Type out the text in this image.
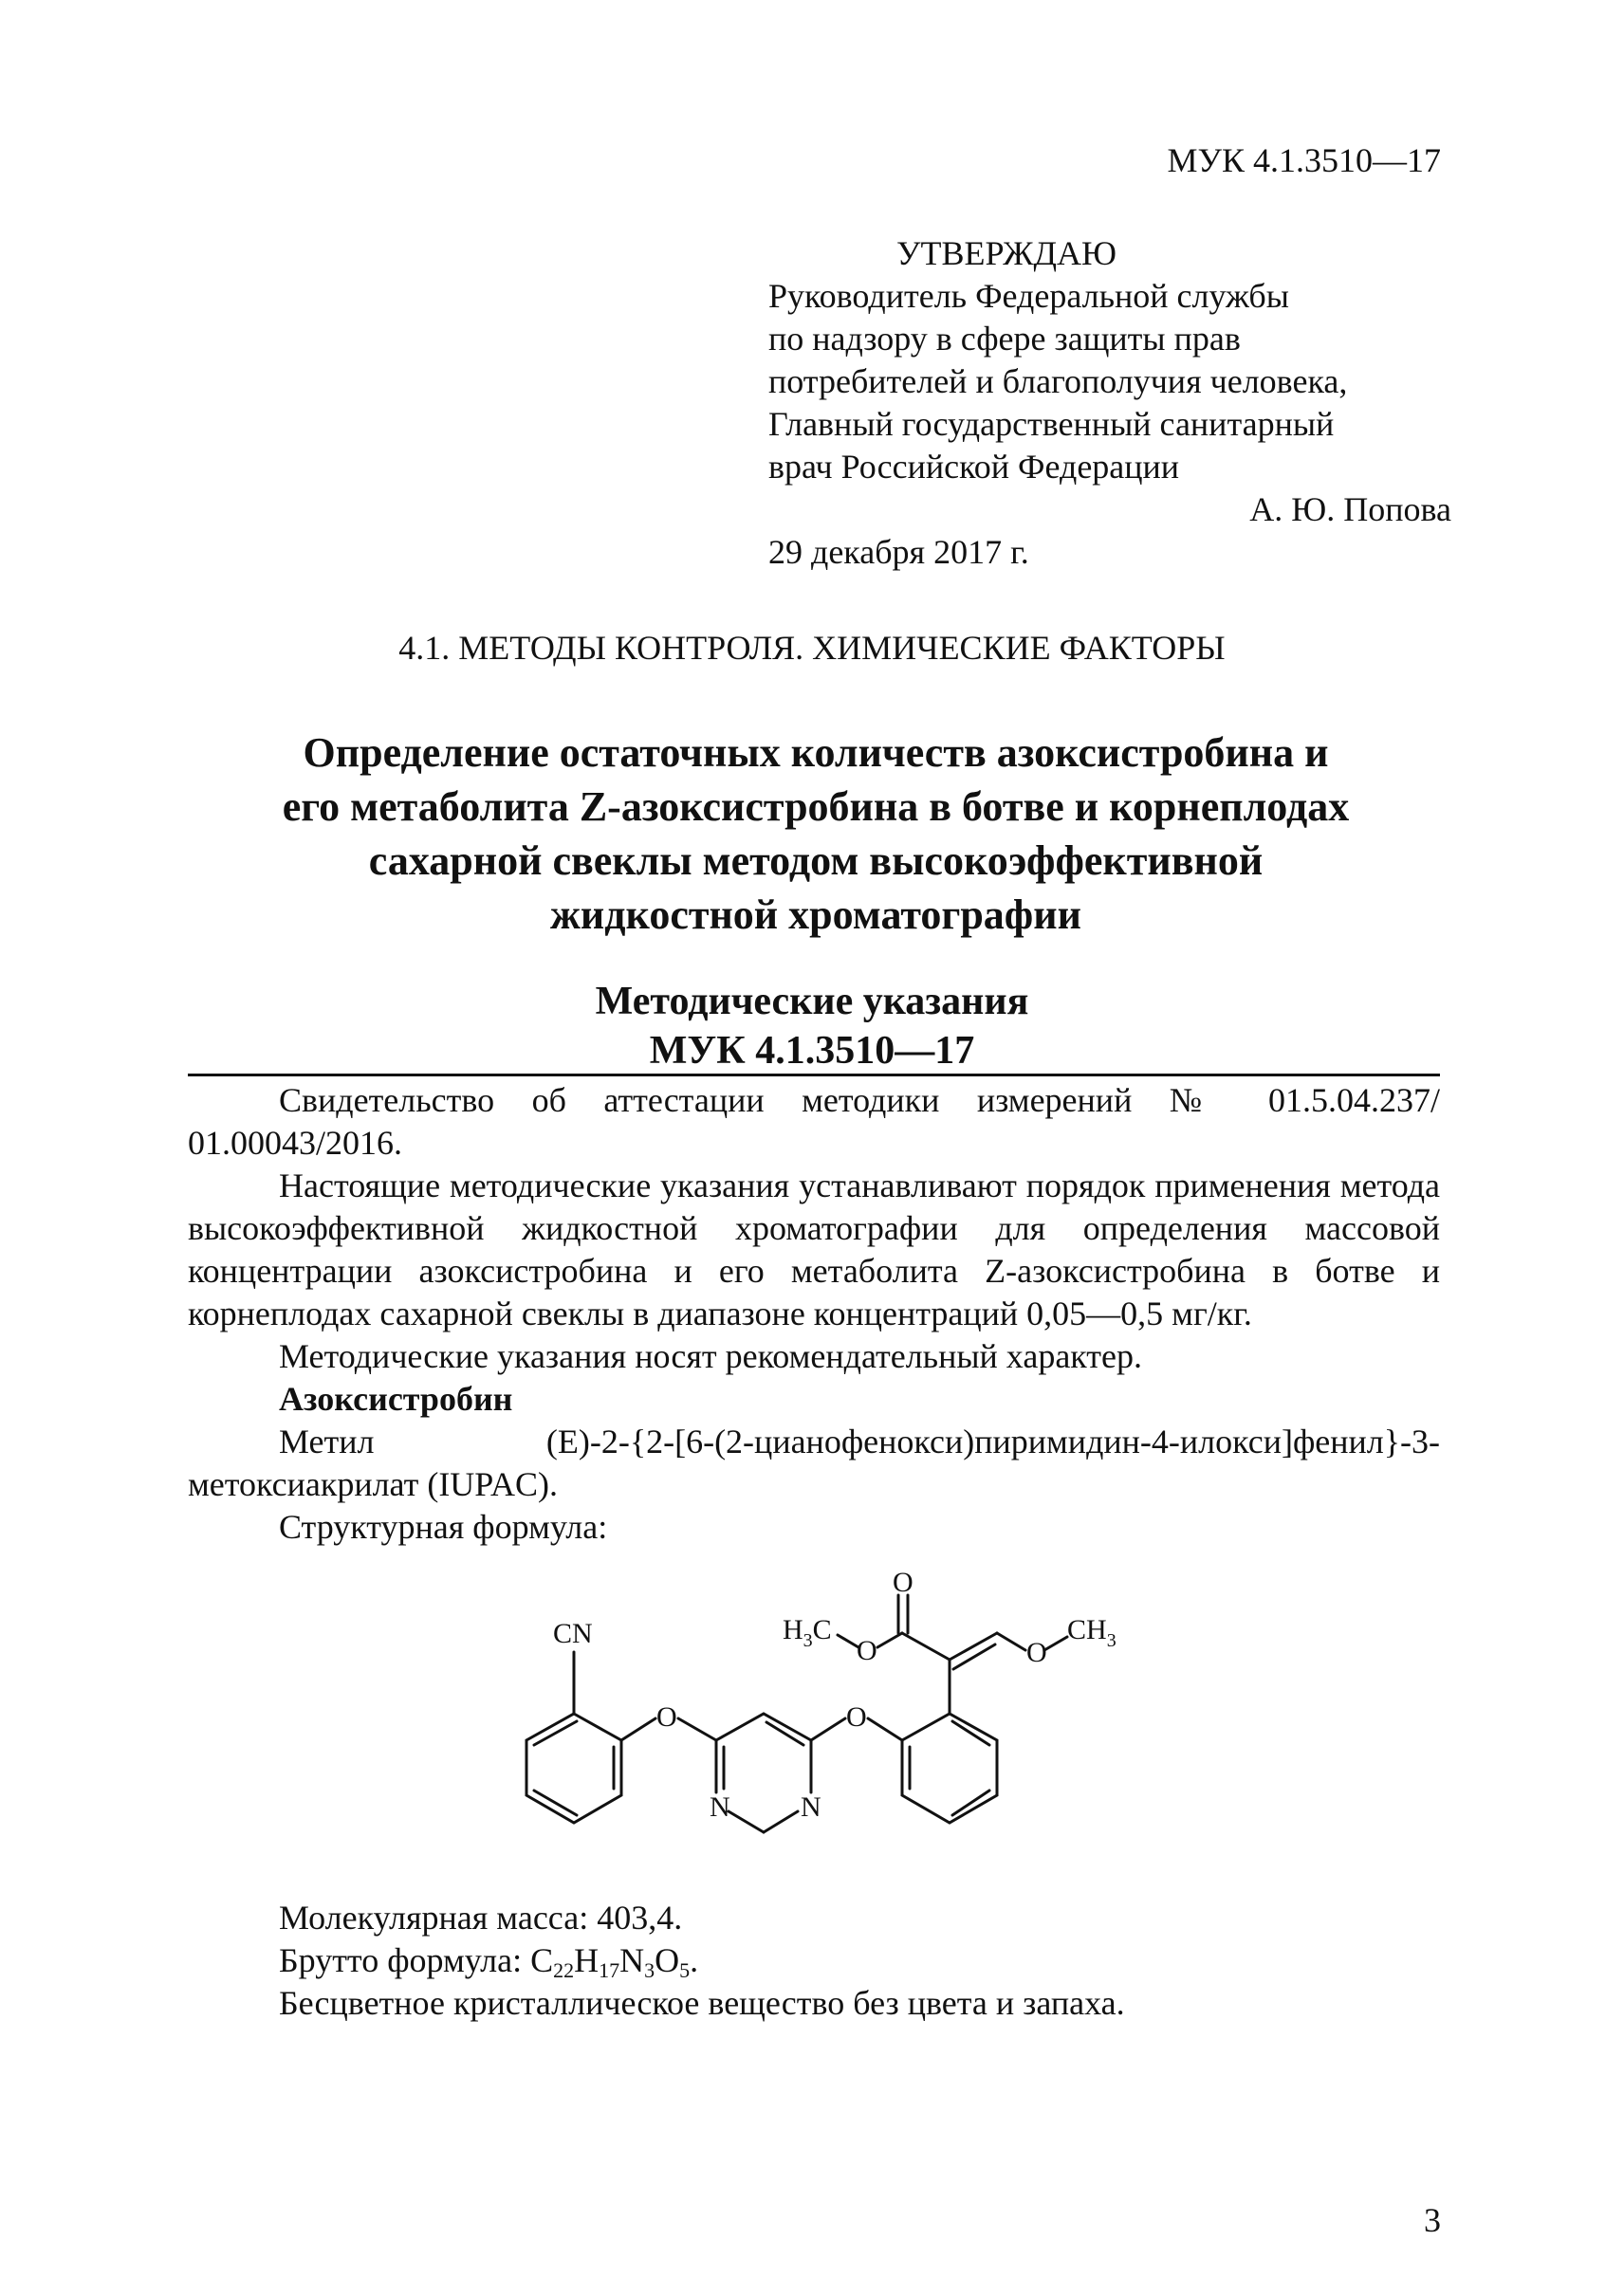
МУК 4.1.3510—17
УТВЕРЖДАЮ
Руководитель Федеральной службы
по надзору в сфере защиты прав
потребителей и благополучия человека,
Главный государственный санитарный
врач Российской Федерации
А. Ю. Попова
29 декабря 2017 г.
4.1. МЕТОДЫ КОНТРОЛЯ. ХИМИЧЕСКИЕ ФАКТОРЫ
Определение остаточных количеств азоксистробина и
его метаболита Z-азоксистробина в ботве и корнеплодах
сахарной свеклы методом высокоэффективной
жидкостной хроматографии
Методические указания
МУК 4.1.3510—17

Свидетельство об аттестации методики измерений № 01.5.04.237/ 01.00043/2016.

Настоящие методические указания устанавливают порядок применения метода высокоэффективной жидкостной хроматографии для определения массовой концентрации азоксистробина и его метаболита Z-азоксистробина в ботве и корнеплодах сахарной свеклы в диапазоне концентраций 0,05—0,5 мг/кг.

Методические указания носят рекомендательный характер.

Азоксистробин

Метил (E)-2-{2-[6-(2-цианофенокси)пиримидин-4-илокси]фенил}-3-метоксиакрилат (IUPAC).

Структурная формула:

CN
O	O
N N
O
O	O
$H_3C$	$CH_3$

Молекулярная масса: 403,4.

Брутто формула: $C_{22}H_{17}N_3O_5$.

Бесцветное кристаллическое вещество без цвета и запаха.

3
